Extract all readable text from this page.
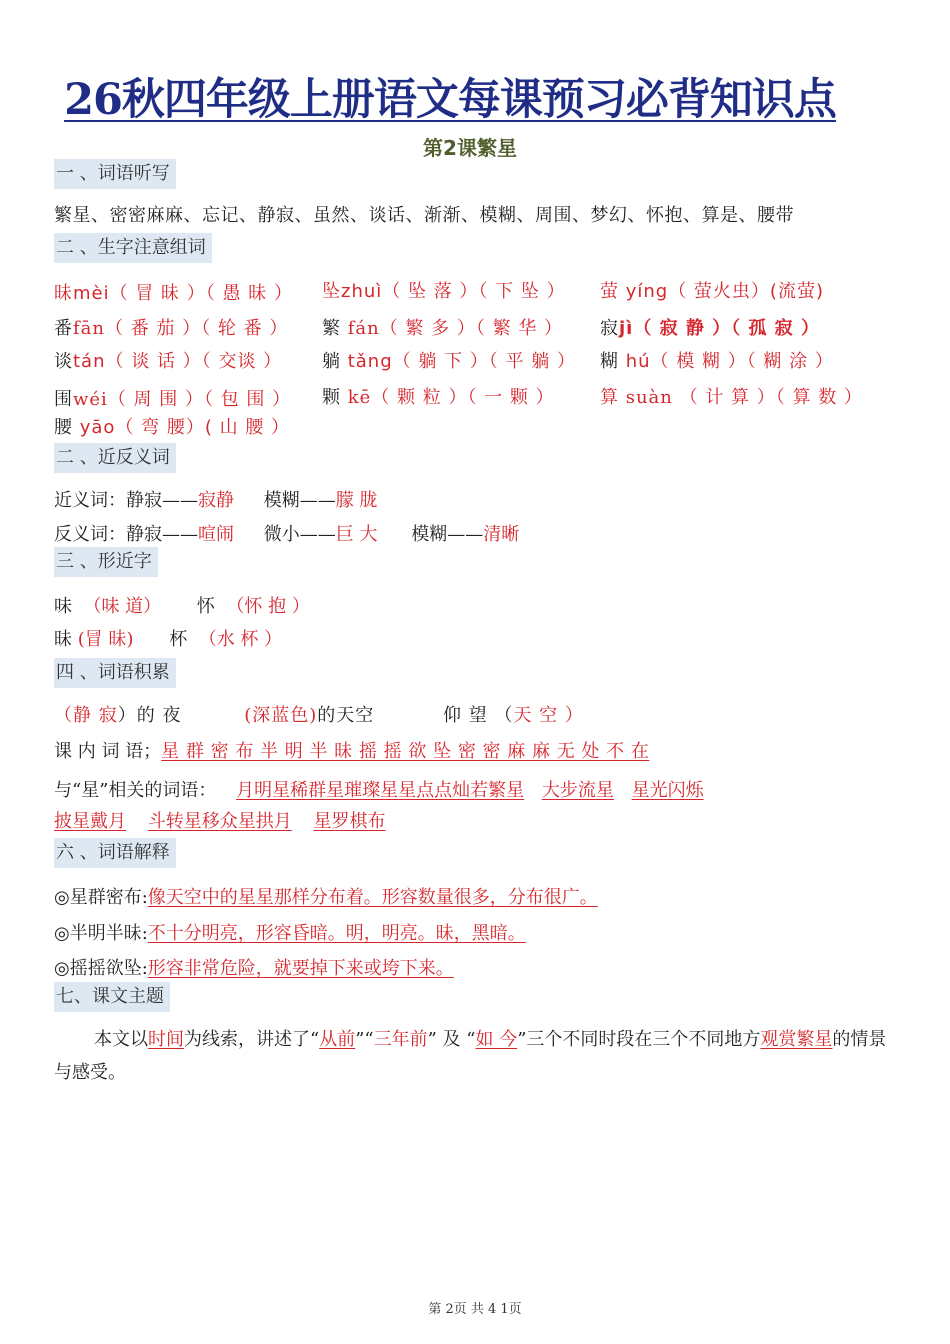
26秋四年级上册语文每课预习必背知识点
第2课繁星
一 、词语听写
繁星、密密麻麻、忘记、静寂、虽然、谈话、渐渐、模糊、周围、梦幻、怀抱、算是、腰带
二 、生字注意组词
昧mèi（ 冒 昧 ）（ 愚 昧 ） 坠zhuì（ 坠 落 ）（ 下 坠 ） 萤 yíng（ 萤火虫）(流萤)
番fān（ 番 茄 ）（ 轮 番 ） 繁 fán（ 繁 多 ）（ 繁 华 ） 寂jì（ 寂 静 ）（ 孤 寂 ）
谈tán（ 谈 话 ）（ 交谈 ） 躺 tǎng（ 躺 下 ）（ 平 躺 ） 糊 hú（ 模 糊 ）（ 糊 涂 ）
围wéi（ 周 围 ）（ 包 围 ） 颗 kē（ 颗 粒 ）（ 一 颗 ）	算 suàn （ 计 算 ）（ 算 数 ）
腰 yāo（ 弯 腰）( 山 腰 ）
二 、近反义词
近义词：静寂——寂静 模糊——朦 胧
反义词：静寂——喧闹 微小——巨 大 模糊——清晰
三 、形近字
味 （味 道） 怀 （怀 抱 ）
昧 (冒 昧) 杯 （水 杯 ）
四 、词语积累
（静 寂）的 夜	(深蓝色)的天空	仰 望 （天 空 ）
课 内 词 语；星 群 密 布 半 明 半 昧 摇 摇 欲 坠 密 密 麻 麻 无 处 不 在
与“星”相关的词语： 月明星稀群星璀璨星星点点灿若繁星 大步流星 星光闪烁
披星戴月 斗转星移众星拱月 星罗棋布
六 、词语解释
◎星群密布:像天空中的星星那样分布着。形容数量很多，分布很广。
◎半明半昧:不十分明亮，形容昏暗。明，明亮。昧，黑暗。
◎摇摇欲坠:形容非常危险，就要掉下来或垮下来。
七、课文主题
本文以时间为线索，讲述了“从前”“三年前” 及 “如 今”三个不同时段在三个不同地方观赏繁星的情景与感受。
第 2页 共 4 1页
